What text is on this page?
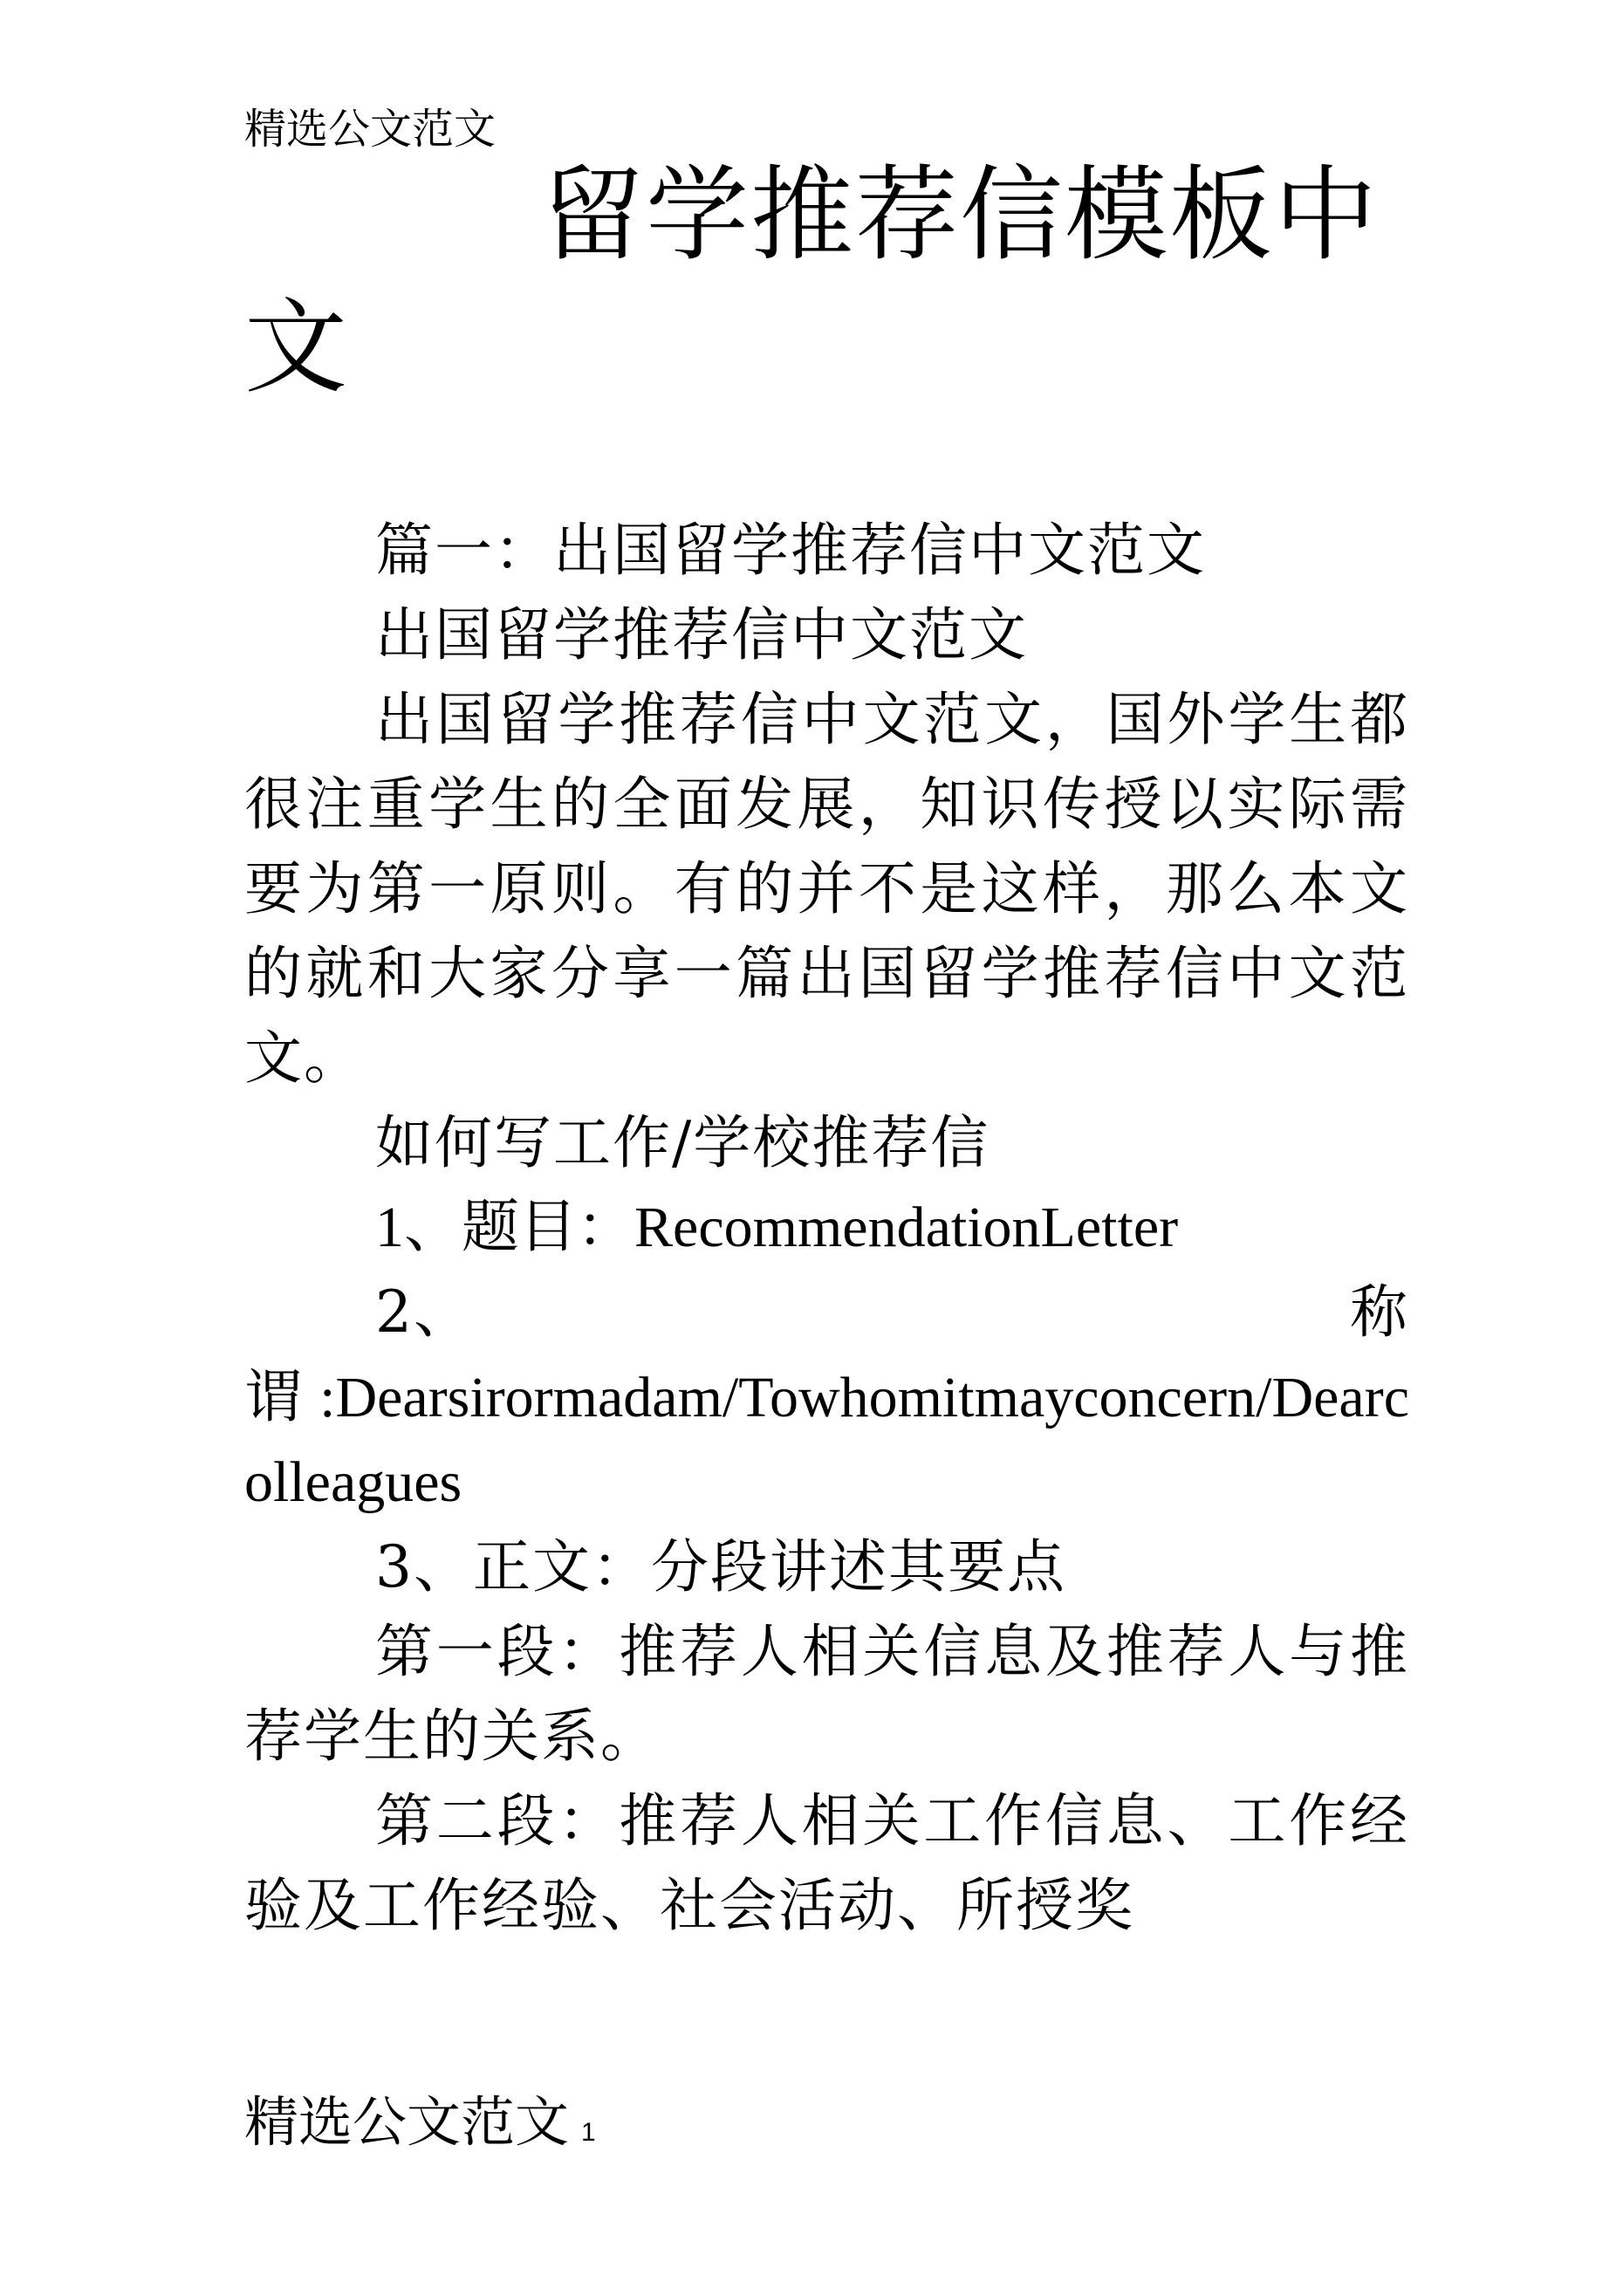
精选公文范文
留学推荐信模板中文

篇一：出国留学推荐信中文范文

出国留学推荐信中文范文

出国留学推荐信中文范文，国外学生都很注重学生的全面发展，知识传授以实际需要为第一原则。有的并不是这样，那么本文的就和大家分享一篇出国留学推荐信中文范文。

如何写工作/学校推荐信

1、题目：RecommendationLetter

2、	称

谓:Dearsirormadam/Towhomitmayconcern/Dearcolleagues

3、正文：分段讲述其要点

第一段：推荐人相关信息及推荐人与推荐学生的关系。

第二段：推荐人相关工作信息、工作经验及工作经验、社会活动、所授奖

精选公文范文 1
